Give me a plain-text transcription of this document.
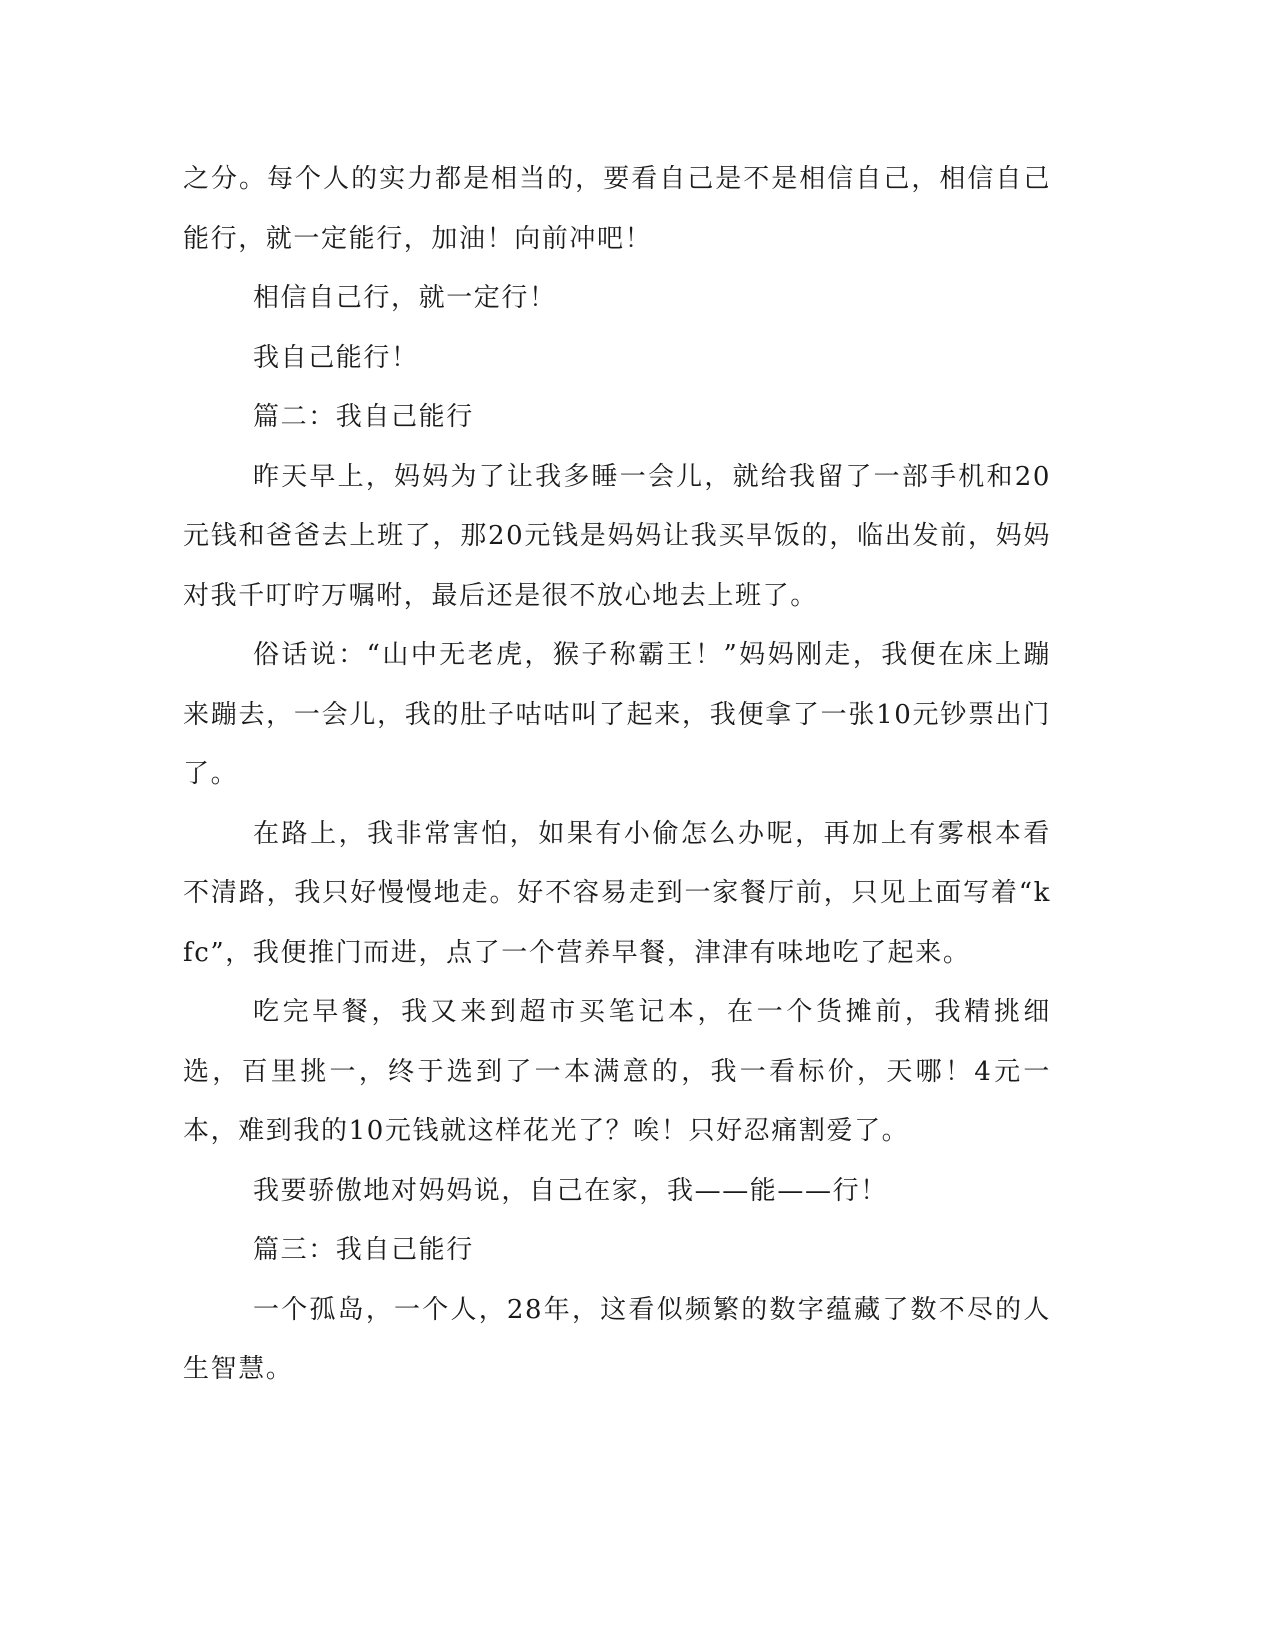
之分。每个人的实力都是相当的，要看自己是不是相信自己，相信自己能行，就一定能行，加油！向前冲吧！

相信自己行，就一定行！

我自己能行！

篇二：我自己能行

昨天早上，妈妈为了让我多睡一会儿，就给我留了一部手机和20元钱和爸爸去上班了，那20元钱是妈妈让我买早饭的，临出发前，妈妈对我千叮咛万嘱咐，最后还是很不放心地去上班了。

俗话说：“山中无老虎，猴子称霸王！”妈妈刚走，我便在床上蹦来蹦去，一会儿，我的肚子咕咕叫了起来，我便拿了一张10元钞票出门了。

在路上，我非常害怕，如果有小偷怎么办呢，再加上有雾根本看不清路，我只好慢慢地走。好不容易走到一家餐厅前，只见上面写着“kfc”，我便推门而进，点了一个营养早餐，津津有味地吃了起来。

吃完早餐，我又来到超市买笔记本，在一个货摊前，我精挑细选，百里挑一，终于选到了一本满意的，我一看标价，天哪！4元一本，难到我的10元钱就这样花光了？唉！只好忍痛割爱了。

我要骄傲地对妈妈说，自己在家，我——能——行！

篇三：我自己能行

一个孤岛，一个人，28年，这看似频繁的数字蕴藏了数不尽的人生智慧。
